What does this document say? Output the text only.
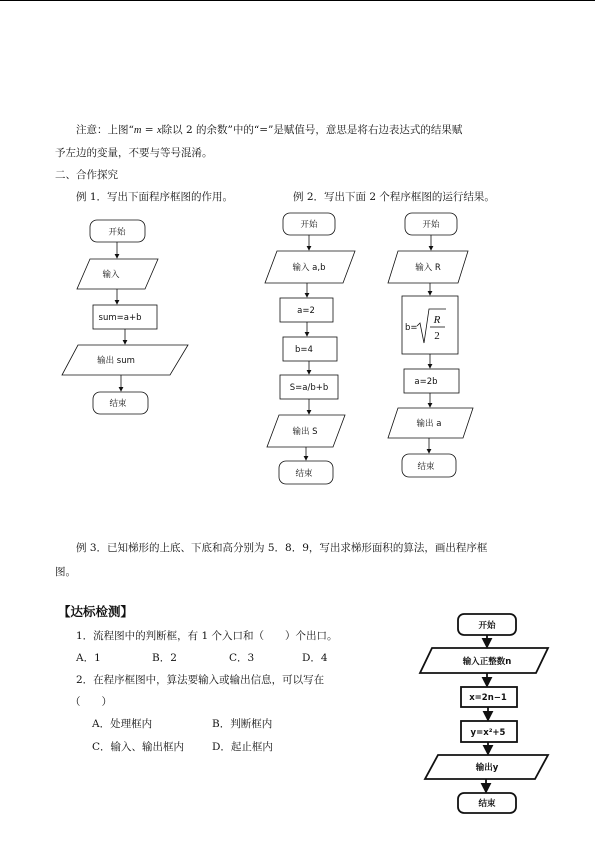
注意：上图“m = x除以 2 的余数”中的“=”是赋值号，意思是将右边表达式的结果赋
予左边的变量，不要与等号混淆。
二、合作探究
例 1．写出下面程序框图的作用。	例 2．写出下面 2 个程序框图的运行结果。
开始
输入
sum=a+b
输出 sum
结束
开始
输入 a,b
a=2
b=4
S=a/b+b
输出 S
结束
开始
输入 R
b=
R
2
a=2b
输出 a
结束
开始
输入正整数n
x=2n−1
y=x²+5
输出y
结束
例 3．已知梯形的上底、下底和高分别为 5．8．9，写出求梯形面积的算法，画出程序框
图。
【达标检测】
1．流程图中的判断框，有 1 个入口和（　　）个出口。
A．1	B．2	C．3	D．4
2．在程序框图中，算法要输入或输出信息，可以写在
（　　）
A．处理框内	B．判断框内
C．输入、输出框内	D．起止框内
